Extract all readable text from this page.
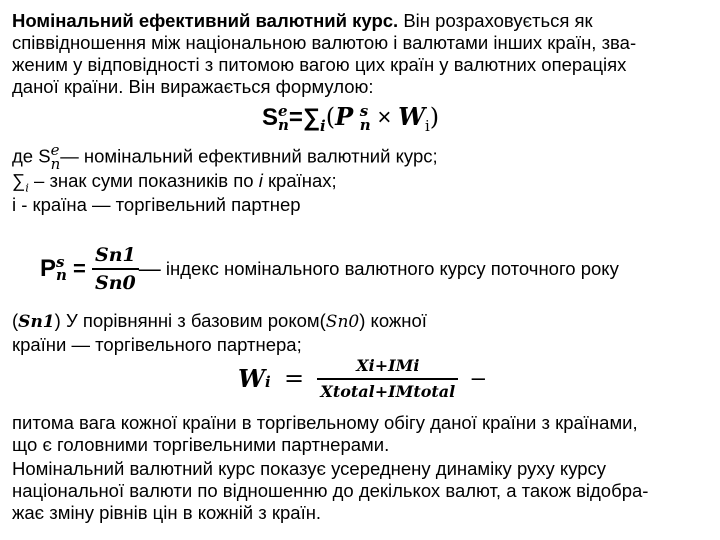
Номінальний ефективний валютний курс. Він розраховується як
співвідношення між національною валютою і валютами інших країн, зва-
женим у відповідності з питомою вагою цих країн у валютних операціях
даної країни. Він виражається формулою:
S e
$n =\sum_i(P$ s
$n \times W_i$)
де S e
n — номінальний ефективний валютний курс;
$\sum_i$ – знак суми показників по i країнах;
i - країна — торгівельний партнер
P s
$n = \frac{Sn1}{Sn0}$ — індекс номінального валютного курсу поточного року
(Sn1) У порівнянні з базовим роком(Sn0) кожної
країни — торгівельного партнера;
$W_i = \frac{\text{Xi+IMi}}{\text{Xtotal+IMtotal}}$ –
питома вага кожної країни в торгівельному обігу даної країни з країнами,
що є головними торгівельними партнерами.
Номінальний валютний курс показує усереднену динаміку руху курсу
національної валюти по відношенню до декількох валют, а також відобра-
жає зміну рівнів цін в кожній з країн.
